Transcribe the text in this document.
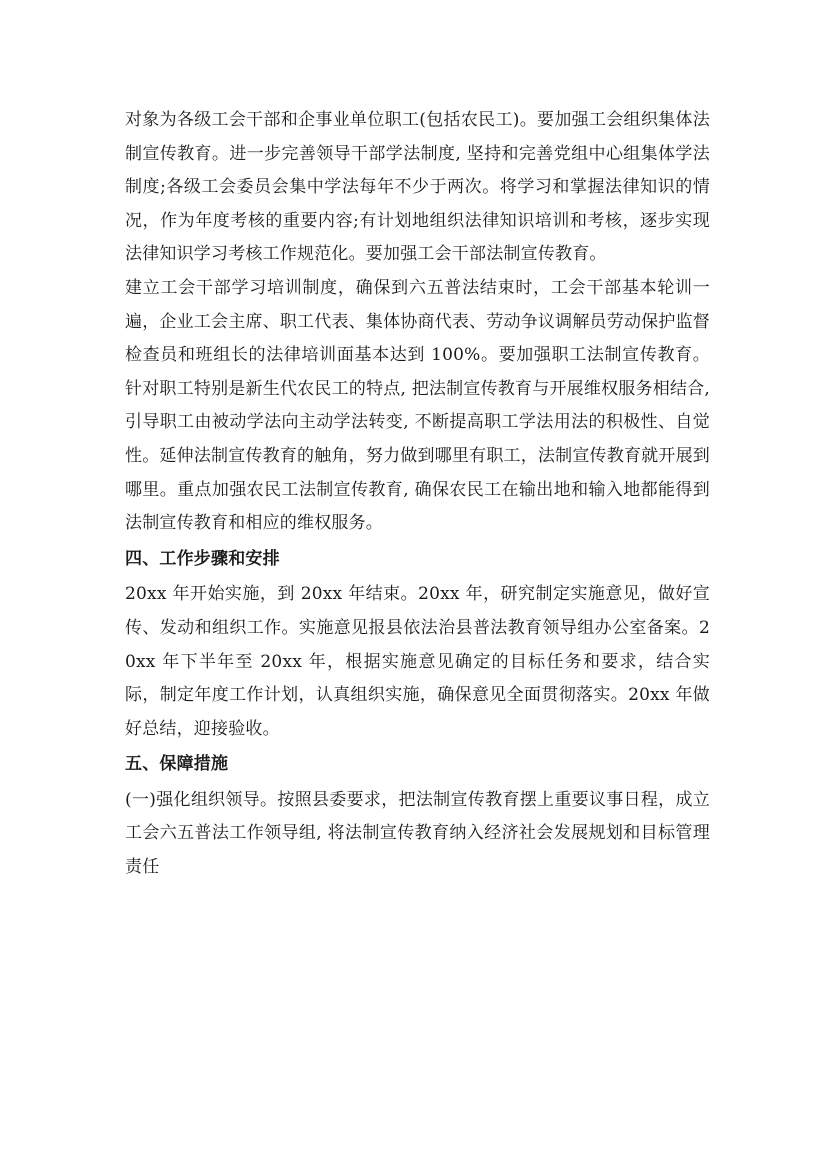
对象为各级工会干部和企事业单位职工(包括农民工)。要加强工会组织集体法制宣传教育。进一步完善领导干部学法制度, 坚持和完善党组中心组集体学法制度;各级工会委员会集中学法每年不少于两次。将学习和掌握法律知识的情况，作为年度考核的重要内容;有计划地组织法律知识培训和考核，逐步实现法律知识学习考核工作规范化。要加强工会干部法制宣传教育。

建立工会干部学习培训制度，确保到六五普法结束时，工会干部基本轮训一遍，企业工会主席、职工代表、集体协商代表、劳动争议调解员劳动保护监督检查员和班组长的法律培训面基本达到 100%。要加强职工法制宣传教育。针对职工特别是新生代农民工的特点, 把法制宣传教育与开展维权服务相结合, 引导职工由被动学法向主动学法转变, 不断提高职工学法用法的积极性、自觉性。延伸法制宣传教育的触角，努力做到哪里有职工，法制宣传教育就开展到哪里。重点加强农民工法制宣传教育, 确保农民工在输出地和输入地都能得到法制宣传教育和相应的维权服务。

四、工作步骤和安排

20xx 年开始实施，到 20xx 年结束。20xx 年，研究制定实施意见，做好宣传、发动和组织工作。实施意见报县依法治县普法教育领导组办公室备案。20xx 年下半年至 20xx 年，根据实施意见确定的目标任务和要求，结合实际，制定年度工作计划，认真组织实施，确保意见全面贯彻落实。20xx 年做好总结，迎接验收。

五、保障措施

(一)强化组织领导。按照县委要求，把法制宣传教育摆上重要议事日程，成立工会六五普法工作领导组, 将法制宣传教育纳入经济社会发展规划和目标管理责任
